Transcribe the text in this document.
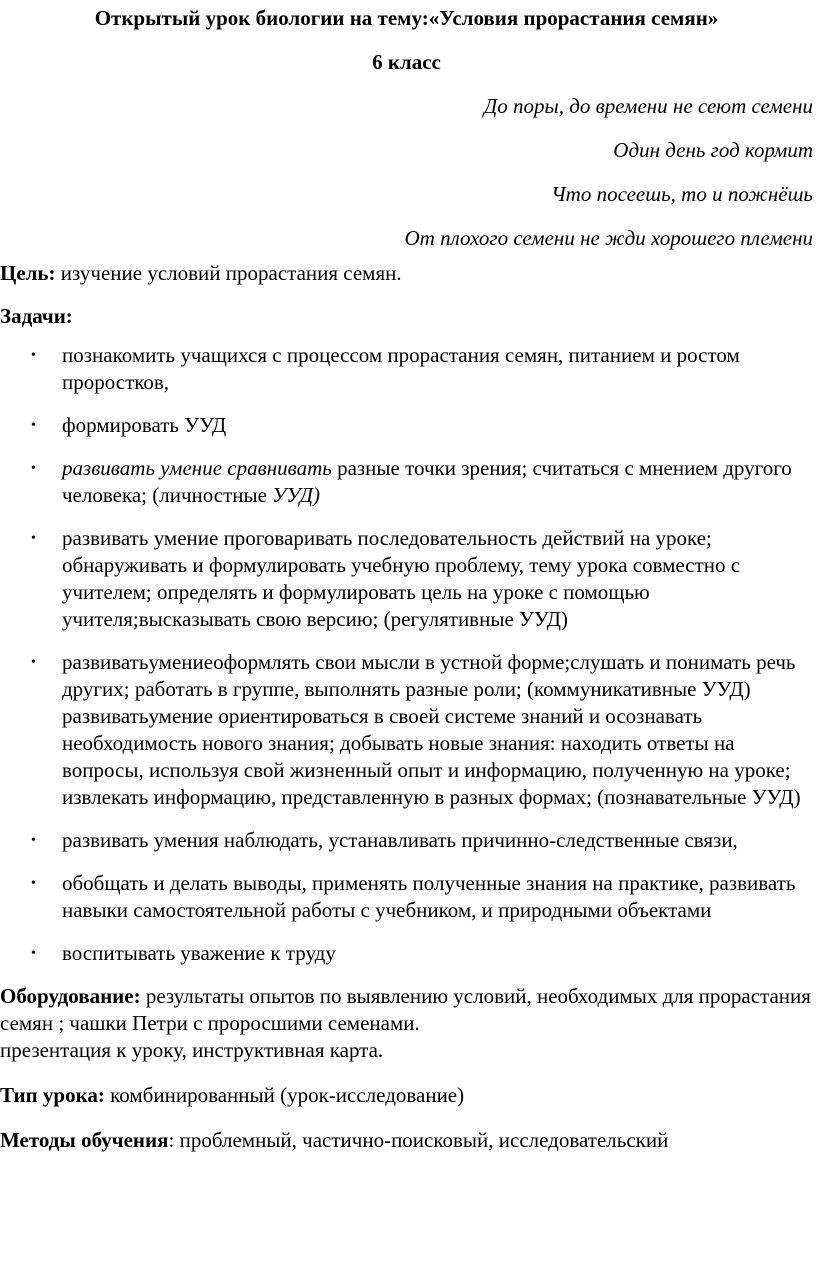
Открытый урок биологии на тему:«Условия прорастания семян»

6 класс

До поры, до времени не сеют семени
Один день год кормит
Что посеешь, то и пожнёшь
От плохого семени не жди хорошего племени

Цель: изучение условий прорастания семян.

Задачи:

• познакомить учащихся с процессом прорастания семян, питанием и ростом проростков,
• формировать УУД
• развивать умение сравнивать разные точки зрения; считаться с мнением другого человека; (личностные УУД)
• развивать умение проговаривать последовательность действий на уроке; обнаруживать и формулировать учебную проблему, тему урока совместно с учителем; определять и формулировать цель на уроке с помощью учителя;высказывать свою версию; (регулятивные УУД)
• развиватьумениеоформлять свои мысли в устной форме;слушать и понимать речь других; работать в группе, выполнять разные роли; (коммуникативные УУД) развиватьумение ориентироваться в своей системе знаний и осознавать необходимость нового знания; добывать новые знания: находить ответы на вопросы, используя свой жизненный опыт и информацию, полученную на уроке; извлекать информацию, представленную в разных формах; (познавательные УУД)
• развивать умения наблюдать, устанавливать причинно-следственные связи,
• обобщать и делать выводы, применять полученные знания на практике, развивать навыки самостоятельной работы с учебником, и природными объектами
• воспитывать уважение к труду

Оборудование: результаты опытов по выявлению условий, необходимых для прорастания семян ; чашки Петри с проросшими семенами.
презентация к уроку, инструктивная карта.

Тип урока: комбинированный (урок-исследование)

Методы обучения: проблемный, частично-поисковый, исследовательский
